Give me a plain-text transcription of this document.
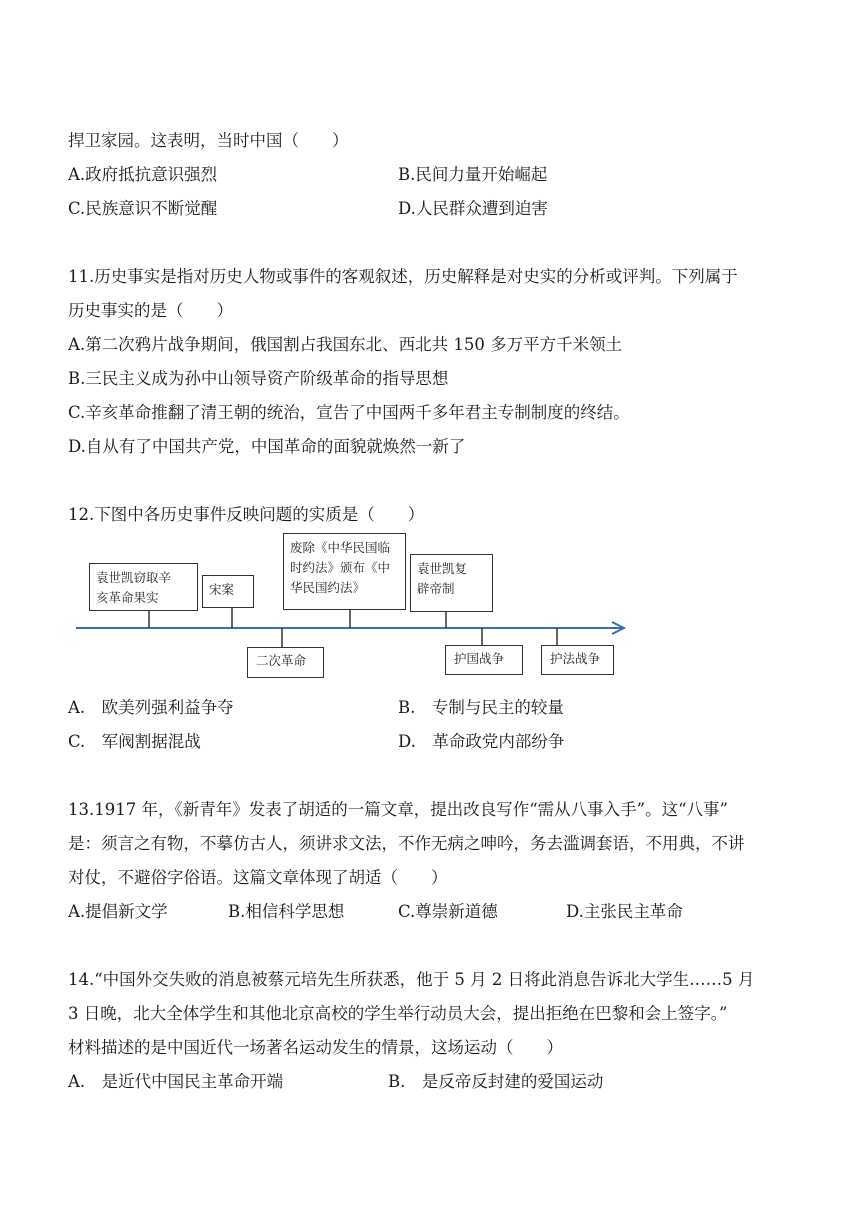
捍卫家园。这表明，当时中国（　　）
A.政府抵抗意识强烈	B.民间力量开始崛起
C.民族意识不断觉醒	D.人民群众遭到迫害
11.历史事实是指对历史人物或事件的客观叙述，历史解释是对史实的分析或评判。下列属于
历史事实的是（　　）
A.第二次鸦片战争期间，俄国割占我国东北、西北共 150 多万平方千米领土
B.三民主义成为孙中山领导资产阶级革命的指导思想
C.辛亥革命推翻了清王朝的统治，宣告了中国两千多年君主专制制度的终结。
D.自从有了中国共产党，中国革命的面貌就焕然一新了
12.下图中各历史事件反映问题的实质是（　　）
袁世凯窃取辛
亥革命果实
宋案
废除《中华民国临
时约法》颁布《中
华民国约法》
袁世凯复
辟帝制
二次革命	护国战争	护法战争
A.　欧美列强利益争夺	B.　专制与民主的较量
C.　军阀割据混战	D.　革命政党内部纷争
13.1917 年，《新青年》发表了胡适的一篇文章，提出改良写作“需从八事入手”。这“八事”
是：须言之有物，不摹仿古人，须讲求文法，不作无病之呻吟，务去滥调套语，不用典，不讲
对仗，不避俗字俗语。这篇文章体现了胡适（　　）
A.提倡新文学	B.相信科学思想	C.尊崇新道德	D.主张民主革命
14.“中国外交失败的消息被蔡元培先生所获悉，他于 5 月 2 日将此消息告诉北大学生……5 月
3 日晚，北大全体学生和其他北京高校的学生举行动员大会，提出拒绝在巴黎和会上签字。”
材料描述的是中国近代一场著名运动发生的情景，这场运动（　　）
A.　是近代中国民主革命开端	B.　是反帝反封建的爱国运动
